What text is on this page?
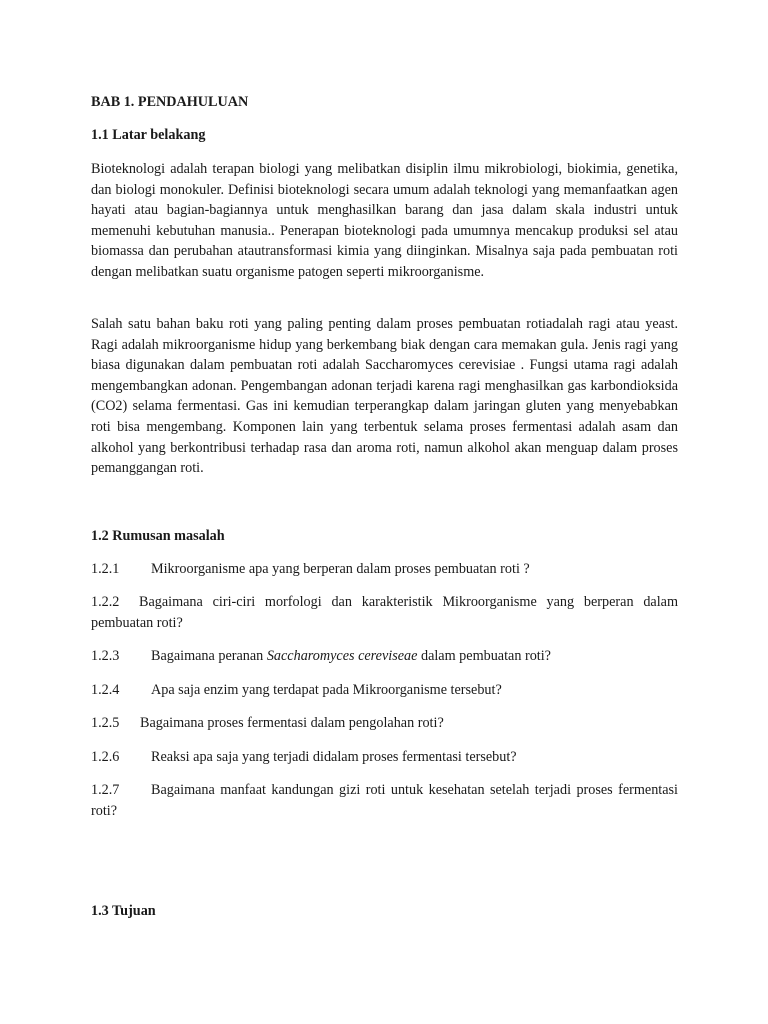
BAB 1. PENDAHULUAN
1.1 Latar belakang

Bioteknologi adalah terapan biologi yang melibatkan disiplin ilmu mikrobiologi, biokimia, genetika, dan biologi monokuler. Definisi bioteknologi secara umum adalah teknologi yang memanfaatkan agen hayati atau bagian-bagiannya untuk menghasilkan barang dan jasa dalam skala industri untuk memenuhi kebutuhan manusia.. Penerapan bioteknologi pada umumnya mencakup produksi sel atau biomassa dan perubahan atautransformasi kimia yang diinginkan. Misalnya saja pada pembuatan roti dengan melibatkan suatu organisme patogen seperti mikroorganisme.

Salah satu bahan baku roti yang paling penting dalam proses pembuatan rotiadalah ragi atau yeast. Ragi adalah mikroorganisme hidup yang berkembang biak dengan cara memakan gula. Jenis ragi yang biasa digunakan dalam pembuatan roti adalah Saccharomyces cerevisiae . Fungsi utama ragi adalah mengembangkan adonan. Pengembangan adonan terjadi karena ragi menghasilkan gas karbondioksida (CO2) selama fermentasi. Gas ini kemudian terperangkap dalam jaringan gluten yang menyebabkan roti bisa mengembang. Komponen lain yang terbentuk selama proses fermentasi adalah asam dan alkohol yang berkontribusi terhadap rasa dan aroma roti, namun alkohol akan menguap dalam proses pemanggangan roti.

1.2 Rumusan masalah
1.2.1 Mikroorganisme apa yang berperan dalam proses pembuatan roti ?
1.2.2 Bagaimana ciri-ciri morfologi dan karakteristik Mikroorganisme yang berperan dalam pembuatan roti?
1.2.3 Bagaimana peranan Saccharomyces cereviseae dalam pembuatan roti?
1.2.4 Apa saja enzim yang terdapat pada Mikroorganisme tersebut?
1.2.5 Bagaimana proses fermentasi dalam pengolahan roti?
1.2.6 Reaksi apa saja yang terjadi didalam proses fermentasi tersebut?
1.2.7 Bagaimana manfaat kandungan gizi roti untuk kesehatan setelah terjadi proses fermentasi roti?
1.3 Tujuan
